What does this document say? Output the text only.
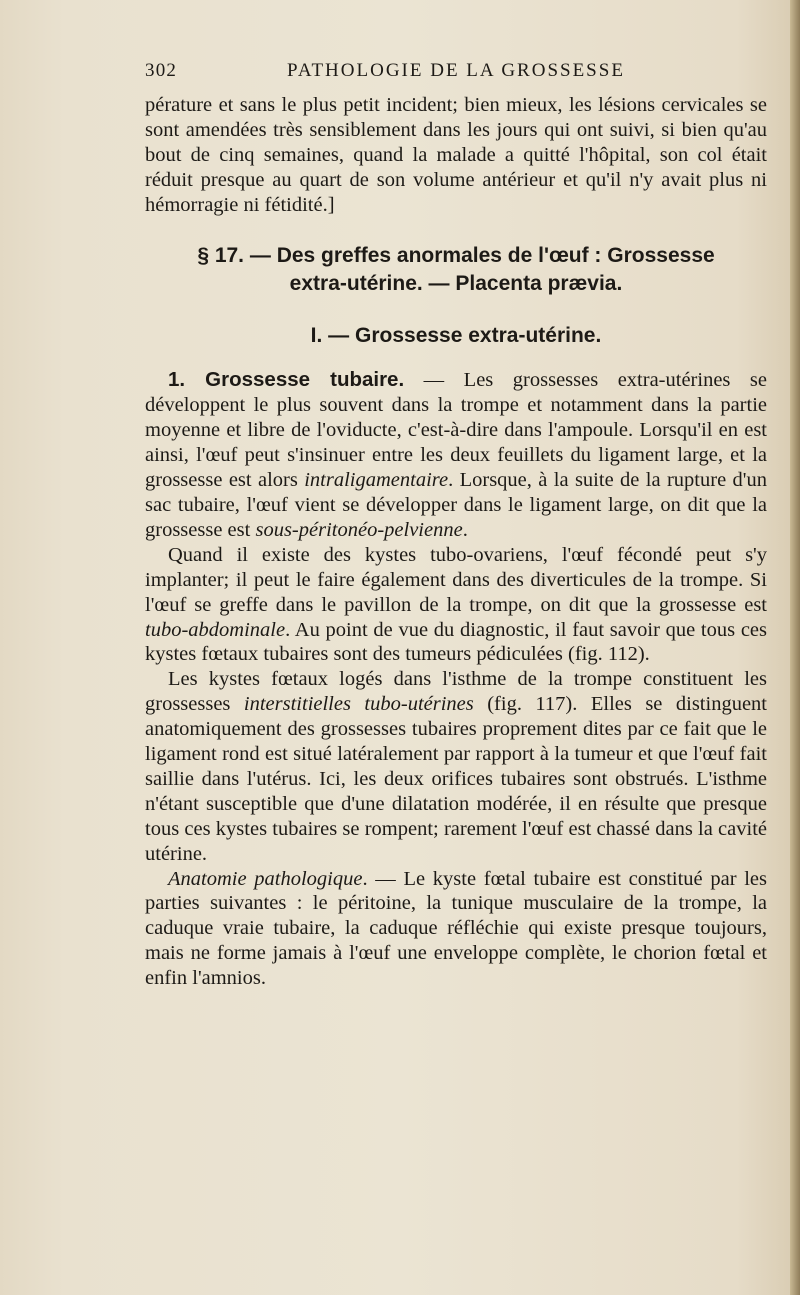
302	PATHOLOGIE DE LA GROSSESSE

pérature et sans le plus petit incident; bien mieux, les lésions cervicales se sont amendées très sensiblement dans les jours qui ont suivi, si bien qu'au bout de cinq semaines, quand la malade a quitté l'hôpital, son col était réduit presque au quart de son volume antérieur et qu'il n'y avait plus ni hémorragie ni fétidité.]

§ 17. — Des greffes anormales de l'œuf : Grossesse
extra-utérine. — Placenta prævia.
I. — Grossesse extra-utérine.

1. Grossesse tubaire. — Les grossesses extra-utérines se développent le plus souvent dans la trompe et notamment dans la partie moyenne et libre de l'oviducte, c'est-à-dire dans l'ampoule. Lorsqu'il en est ainsi, l'œuf peut s'insinuer entre les deux feuillets du ligament large, et la grossesse est alors intraligamentaire. Lorsque, à la suite de la rupture d'un sac tubaire, l'œuf vient se développer dans le ligament large, on dit que la grossesse est sous-péritonéo-pelvienne.

Quand il existe des kystes tubo-ovariens, l'œuf fécondé peut s'y implanter; il peut le faire également dans des diverticules de la trompe. Si l'œuf se greffe dans le pavillon de la trompe, on dit que la grossesse est tubo-abdominale. Au point de vue du diagnostic, il faut savoir que tous ces kystes fœtaux tubaires sont des tumeurs pédiculées (fig. 112).

Les kystes fœtaux logés dans l'isthme de la trompe constituent les grossesses interstitielles tubo-utérines (fig. 117). Elles se distinguent anatomiquement des grossesses tubaires proprement dites par ce fait que le ligament rond est situé latéralement par rapport à la tumeur et que l'œuf fait saillie dans l'utérus. Ici, les deux orifices tubaires sont obstrués. L'isthme n'étant susceptible que d'une dilatation modérée, il en résulte que presque tous ces kystes tubaires se rompent; rarement l'œuf est chassé dans la cavité utérine.

Anatomie pathologique. — Le kyste fœtal tubaire est constitué par les parties suivantes : le péritoine, la tunique musculaire de la trompe, la caduque vraie tubaire, la caduque réfléchie qui existe presque toujours, mais ne forme jamais à l'œuf une enveloppe complète, le chorion fœtal et enfin l'amnios.
